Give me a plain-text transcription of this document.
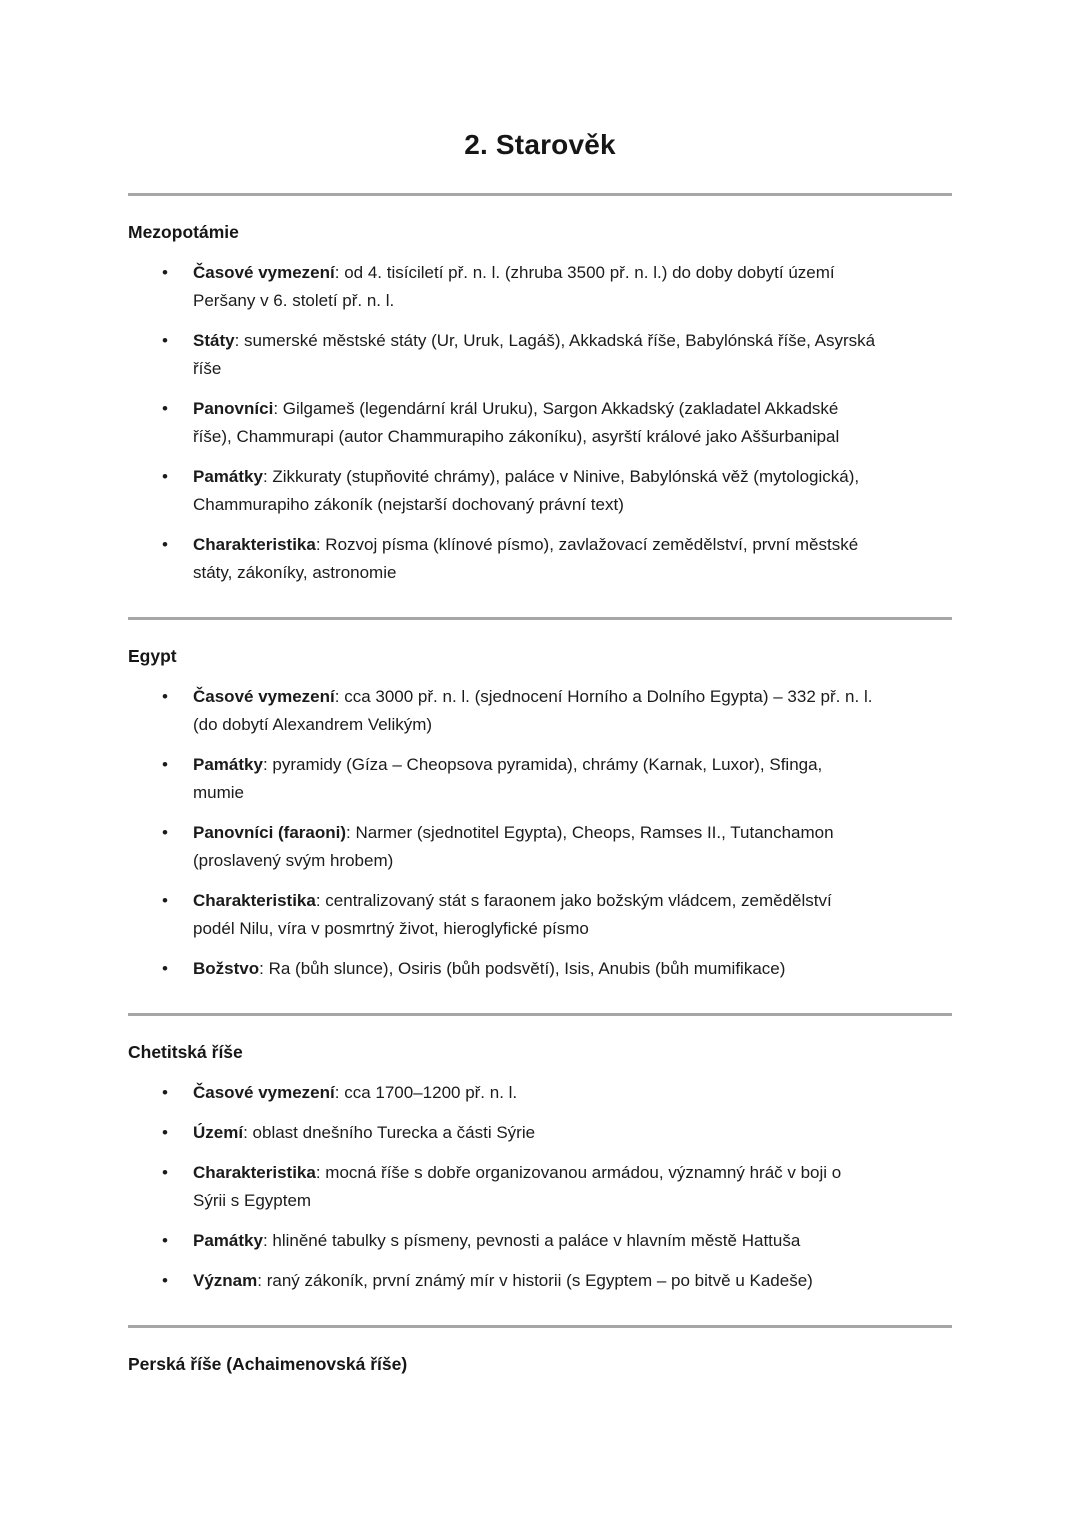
2. Starověk
Mezopotámie
• Časové vymezení: od 4. tisíciletí př. n. l. (zhruba 3500 př. n. l.) do doby dobytí území Peršany v 6. století př. n. l.
• Státy: sumerské městské státy (Ur, Uruk, Lagáš), Akkadská říše, Babylónská říše, Asyrská říše
• Panovníci: Gilgameš (legendární král Uruku), Sargon Akkadský (zakladatel Akkadské říše), Chammurapi (autor Chammurapiho zákoníku), asyrští králové jako Aššurbanipal
• Památky: Zikkuraty (stupňovité chrámy), paláce v Ninive, Babylónská věž (mytologická), Chammurapiho zákoník (nejstarší dochovaný právní text)
• Charakteristika: Rozvoj písma (klínové písmo), zavlažovací zemědělství, první městské státy, zákoníky, astronomie
Egypt
• Časové vymezení: cca 3000 př. n. l. (sjednocení Horního a Dolního Egypta) – 332 př. n. l. (do dobytí Alexandrem Velikým)
• Památky: pyramidy (Gíza – Cheopsova pyramida), chrámy (Karnak, Luxor), Sfinga, mumie
• Panovníci (faraoni): Narmer (sjednotitel Egypta), Cheops, Ramses II., Tutanchamon (proslavený svým hrobem)
• Charakteristika: centralizovaný stát s faraonem jako božským vládcem, zemědělství podél Nilu, víra v posmrtný život, hieroglyfické písmo
• Božstvo: Ra (bůh slunce), Osiris (bůh podsvětí), Isis, Anubis (bůh mumifikace)
Chetitská říše
• Časové vymezení: cca 1700–1200 př. n. l.
• Území: oblast dnešního Turecka a části Sýrie
• Charakteristika: mocná říše s dobře organizovanou armádou, významný hráč v boji o Sýrii s Egyptem
• Památky: hliněné tabulky s písmeny, pevnosti a paláce v hlavním městě Hattuša
• Význam: raný zákoník, první známý mír v historii (s Egyptem – po bitvě u Kadeše)
Perská říše (Achaimenovská říše)
